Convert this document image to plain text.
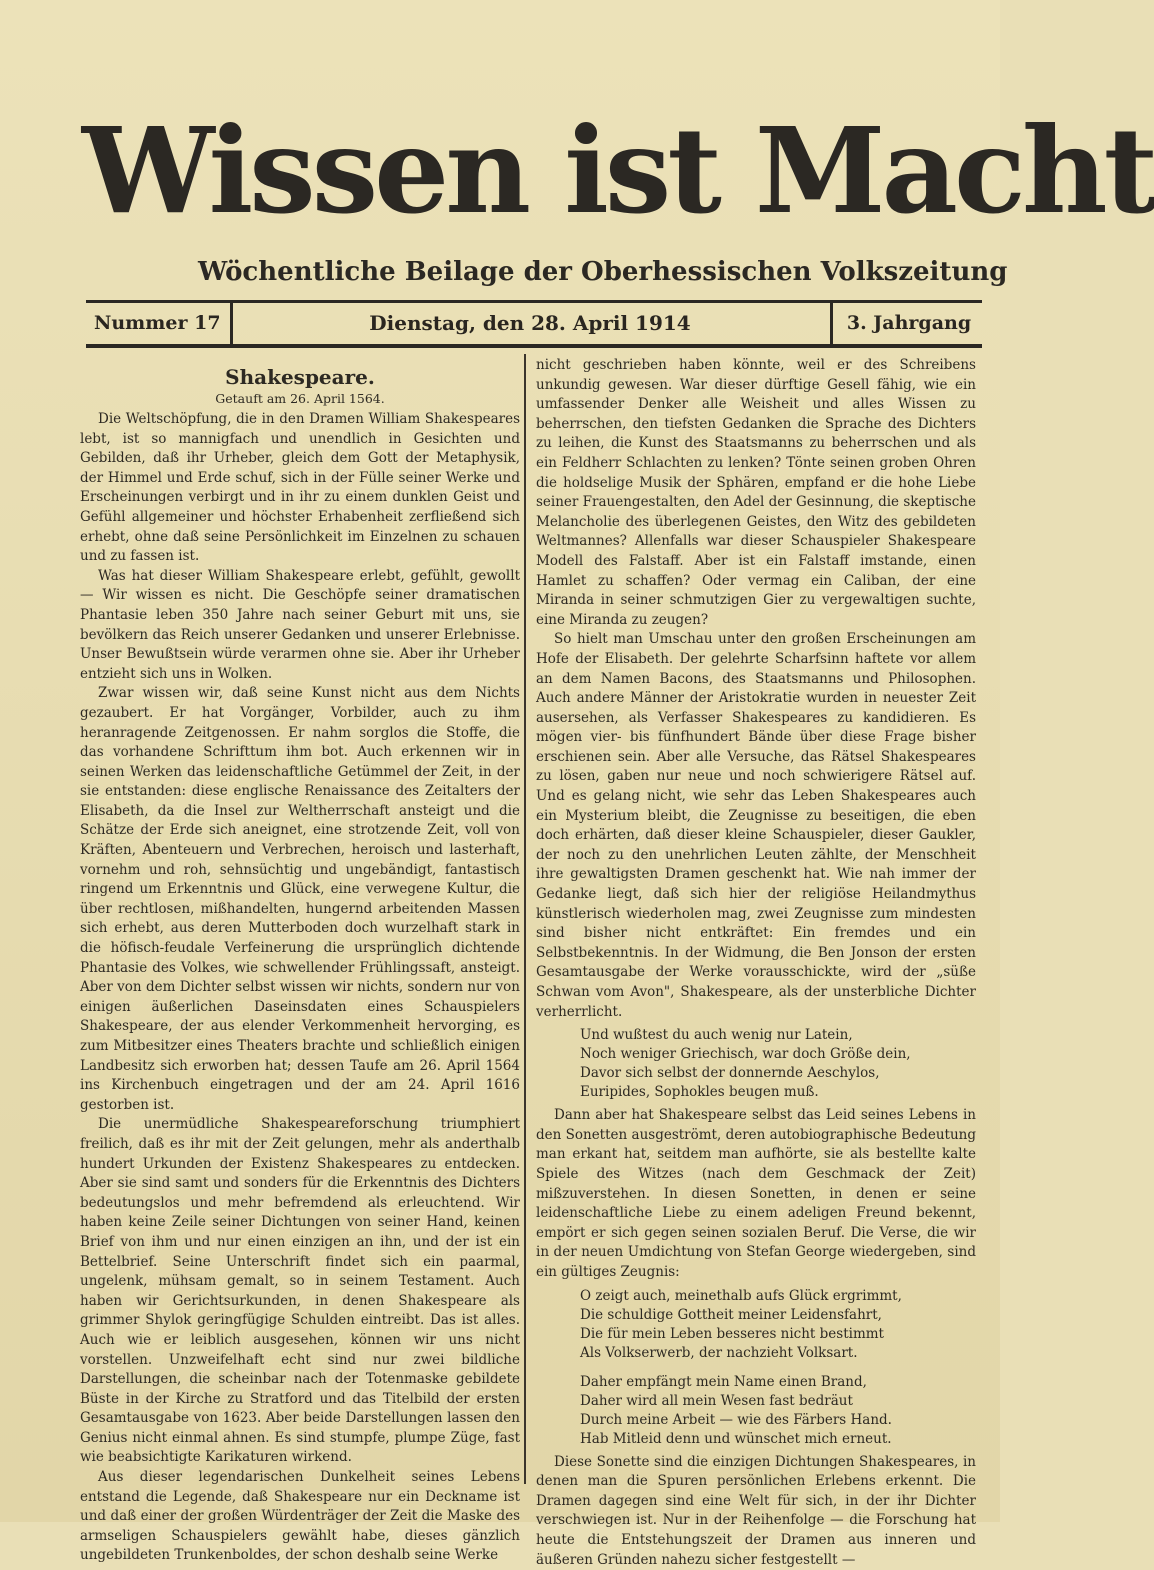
Wissen ist Macht
Wöchentliche Beilage der Oberhessischen Volkszeitung
Nummer 17	Dienstag, den 28. April 1914	3. Jahrgang
Shakespeare.
Getauft am 26. April 1564.

Die Weltschöpfung, die in den Dramen William Shakespeares lebt, ist so mannigfach und unendlich in Gesichten und Gebilden, daß ihr Urheber, gleich dem Gott der Metaphysik, der Himmel und Erde schuf, sich in der Fülle seiner Werke und Erscheinungen verbirgt und in ihr zu einem dunklen Geist und Gefühl allgemeiner und höchster Erhabenheit zerfließend sich erhebt, ohne daß seine Persönlichkeit im Einzelnen zu schauen und zu fassen ist.

Was hat dieser William Shakespeare erlebt, gefühlt, gewollt — Wir wissen es nicht. Die Geschöpfe seiner dramatischen Phantasie leben 350 Jahre nach seiner Geburt mit uns, sie bevölkern das Reich unserer Gedanken und unserer Erlebnisse. Unser Bewußtsein würde verarmen ohne sie. Aber ihr Urheber entzieht sich uns in Wolken.

Zwar wissen wir, daß seine Kunst nicht aus dem Nichts gezaubert. Er hat Vorgänger, Vorbilder, auch zu ihm heranragende Zeitgenossen. Er nahm sorglos die Stoffe, die das vorhandene Schrifttum ihm bot. Auch erkennen wir in seinen Werken das leidenschaftliche Getümmel der Zeit, in der sie entstanden: diese englische Renaissance des Zeitalters der Elisabeth, da die Insel zur Weltherrschaft ansteigt und die Schätze der Erde sich aneignet, eine strotzende Zeit, voll von Kräften, Abenteuern und Verbrechen, heroisch und lasterhaft, vornehm und roh, sehnsüchtig und ungebändigt, fantastisch ringend um Erkenntnis und Glück, eine verwegene Kultur, die über rechtlosen, mißhandelten, hungernd arbeitenden Massen sich erhebt, aus deren Mutterboden doch wurzelhaft stark in die höfisch-feudale Verfeinerung die ursprünglich dichtende Phantasie des Volkes, wie schwellender Frühlingssaft, ansteigt. Aber von dem Dichter selbst wissen wir nichts, sondern nur von einigen äußerlichen Daseinsdaten eines Schauspielers Shakespeare, der aus elender Verkommenheit hervorging, es zum Mitbesitzer eines Theaters brachte und schließlich einigen Landbesitz sich erworben hat; dessen Taufe am 26. April 1564 ins Kirchenbuch eingetragen und der am 24. April 1616 gestorben ist.

Die unermüdliche Shakespeareforschung triumphiert freilich, daß es ihr mit der Zeit gelungen, mehr als anderthalb hundert Urkunden der Existenz Shakespeares zu entdecken. Aber sie sind samt und sonders für die Erkenntnis des Dichters bedeutungslos und mehr befremdend als erleuchtend. Wir haben keine Zeile seiner Dichtungen von seiner Hand, keinen Brief von ihm und nur einen einzigen an ihn, und der ist ein Bettelbrief. Seine Unterschrift findet sich ein paarmal, ungelenk, mühsam gemalt, so in seinem Testament. Auch haben wir Gerichtsurkunden, in denen Shakespeare als grimmer Shylok geringfügige Schulden eintreibt. Das ist alles. Auch wie er leiblich ausgesehen, können wir uns nicht vorstellen. Unzweifelhaft echt sind nur zwei bildliche Darstellungen, die scheinbar nach der Totenmaske gebildete Büste in der Kirche zu Stratford und das Titelbild der ersten Gesamtausgabe von 1623. Aber beide Darstellungen lassen den Genius nicht einmal ahnen. Es sind stumpfe, plumpe Züge, fast wie beabsichtigte Karikaturen wirkend.

Aus dieser legendarischen Dunkelheit seines Lebens entstand die Legende, daß Shakespeare nur ein Deckname ist und daß einer der großen Würdenträger der Zeit die Maske des armseligen Schauspielers gewählt habe, dieses gänzlich ungebildeten Trunkenboldes, der schon deshalb seine Werke

nicht geschrieben haben könnte, weil er des Schreibens unkundig gewesen. War dieser dürftige Gesell fähig, wie ein umfassender Denker alle Weisheit und alles Wissen zu beherrschen, den tiefsten Gedanken die Sprache des Dichters zu leihen, die Kunst des Staatsmanns zu beherrschen und als ein Feldherr Schlachten zu lenken? Tönte seinen groben Ohren die holdselige Musik der Sphären, empfand er die hohe Liebe seiner Frauengestalten, den Adel der Gesinnung, die skeptische Melancholie des überlegenen Geistes, den Witz des gebildeten Weltmannes? Allenfalls war dieser Schauspieler Shakespeare Modell des Falstaff. Aber ist ein Falstaff imstande, einen Hamlet zu schaffen? Oder vermag ein Caliban, der eine Miranda in seiner schmutzigen Gier zu vergewaltigen suchte, eine Miranda zu zeugen?

So hielt man Umschau unter den großen Erscheinungen am Hofe der Elisabeth. Der gelehrte Scharfsinn haftete vor allem an dem Namen Bacons, des Staatsmanns und Philosophen. Auch andere Männer der Aristokratie wurden in neuester Zeit ausersehen, als Verfasser Shakespeares zu kandidieren. Es mögen vier- bis fünfhundert Bände über diese Frage bisher erschienen sein. Aber alle Versuche, das Rätsel Shakespeares zu lösen, gaben nur neue und noch schwierigere Rätsel auf. Und es gelang nicht, wie sehr das Leben Shakespeares auch ein Mysterium bleibt, die Zeugnisse zu beseitigen, die eben doch erhärten, daß dieser kleine Schauspieler, dieser Gaukler, der noch zu den unehrlichen Leuten zählte, der Menschheit ihre gewaltigsten Dramen geschenkt hat. Wie nah immer der Gedanke liegt, daß sich hier der religiöse Heilandmythus künstlerisch wiederholen mag, zwei Zeugnisse zum mindesten sind bisher nicht entkräftet: Ein fremdes und ein Selbstbekenntnis. In der Widmung, die Ben Jonson der ersten Gesamtausgabe der Werke vorausschickte, wird der „süße Schwan vom Avon", Shakespeare, als der unsterbliche Dichter verherrlicht.

Und wußtest du auch wenig nur Latein,
Noch weniger Griechisch, war doch Größe dein,
Davor sich selbst der donnernde Aeschylos,
Euripides, Sophokles beugen muß.

Dann aber hat Shakespeare selbst das Leid seines Lebens in den Sonetten ausgeströmt, deren autobiographische Bedeutung man erkant hat, seitdem man aufhörte, sie als bestellte kalte Spiele des Witzes (nach dem Geschmack der Zeit) mißzuverstehen. In diesen Sonetten, in denen er seine leidenschaftliche Liebe zu einem adeligen Freund bekennt, empört er sich gegen seinen sozialen Beruf. Die Verse, die wir in der neuen Umdichtung von Stefan George wiedergeben, sind ein gültiges Zeugnis:

O zeigt auch, meinethalb aufs Glück ergrimmt,
Die schuldige Gottheit meiner Leidensfahrt,
Die für mein Leben besseres nicht bestimmt
Als Volkserwerb, der nachzieht Volksart.
Daher empfängt mein Name einen Brand,
Daher wird all mein Wesen fast bedräut
Durch meine Arbeit — wie des Färbers Hand.
Hab Mitleid denn und wünschet mich erneut.

Diese Sonette sind die einzigen Dichtungen Shakespeares, in denen man die Spuren persönlichen Erlebens erkennt. Die Dramen dagegen sind eine Welt für sich, in der ihr Dichter verschwiegen ist. Nur in der Reihenfolge — die Forschung hat heute die Entstehungszeit der Dramen aus inneren und äußeren Gründen nahezu sicher festgestellt —
